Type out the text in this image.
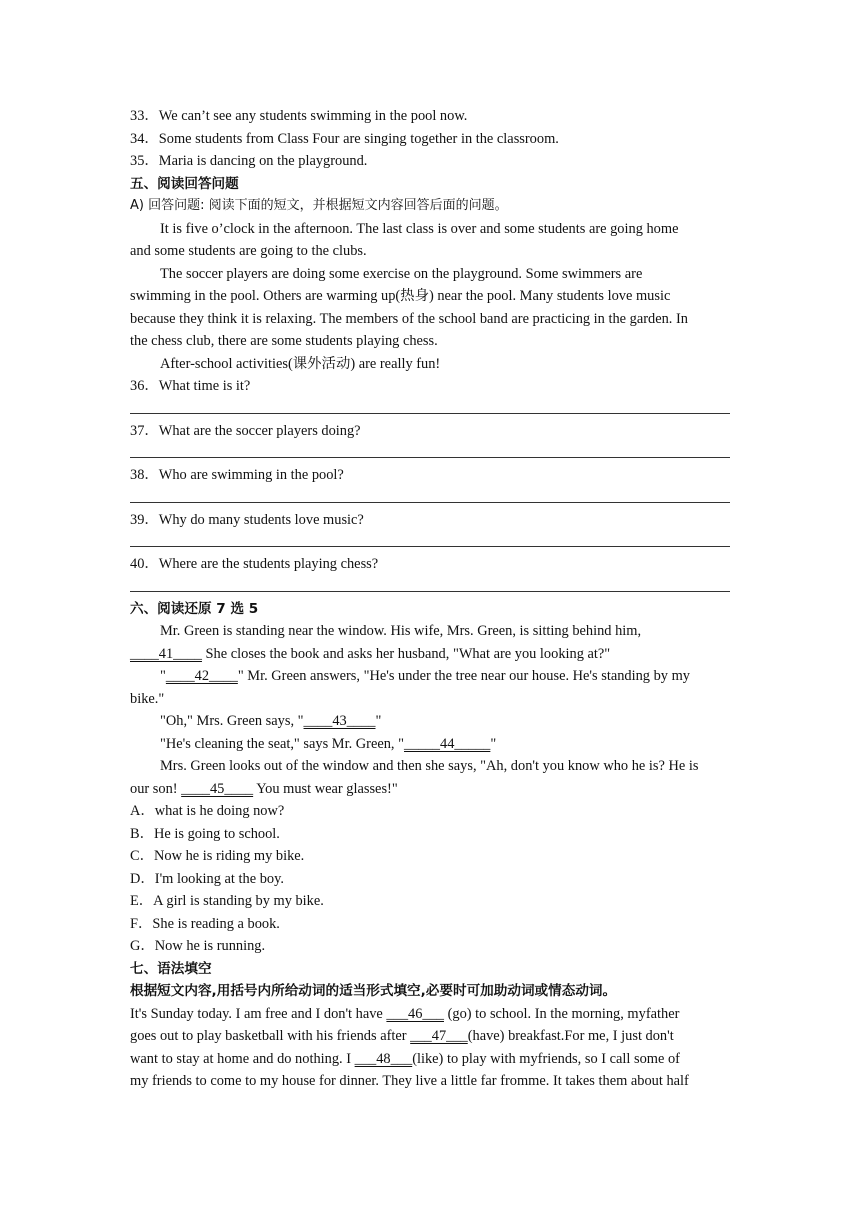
33．We can’t see any students swimming in the pool now.
34．Some students from Class Four are singing together in the classroom.
35．Maria is dancing on the playground.
五、阅读回答问题
A) 回答问题: 阅读下面的短文，并根据短文内容回答后面的问题。
It is five o’clock in the afternoon. The last class is over and some students are going home
and some students are going to the clubs.
The soccer players are doing some exercise on the playground. Some swimmers are
swimming in the pool. Others are warming up(热身) near the pool. Many students love music
because they think it is relaxing. The members of the school band are practicing in the garden. In
the chess club, there are some students playing chess.
After-school activities(课外活动) are really fun!
36．What time is it?
37．What are the soccer players doing?
38．Who are swimming in the pool?
39．Why do many students love music?
40．Where are the students playing chess?
六、阅读还原 7 选 5
Mr. Green is standing near the window. His wife, Mrs. Green, is sitting behind him,
____41____ She closes the book and asks her husband, "What are you looking at?"
"____42____" Mr. Green answers, "He's under the tree near our house. He's standing by my
bike."
"Oh," Mrs. Green says, "____43____"
"He's cleaning the seat," says Mr. Green, "_____44_____"
Mrs. Green looks out of the window and then she says, "Ah, don't you know who he is? He is
our son! ____45____ You must wear glasses!"
A．what is he doing now?
B．He is going to school.
C．Now he is riding my bike.
D．I'm looking at the boy.
E．A girl is standing by my bike.
F．She is reading a book.
G．Now he is running.
七、语法填空
根据短文内容,用括号内所给动词的适当形式填空,必要时可加助动词或情态动词。
It's Sunday today. I am free and I don't have ___46___ (go) to school. In the morning, myfather
goes out to play basketball with his friends after ___47___(have) breakfast.For me, I just don't
want to stay at home and do nothing. I ___48___(like) to play with myfriends, so I call some of
my friends to come to my house for dinner. They live a little far fromme. It takes them about half
